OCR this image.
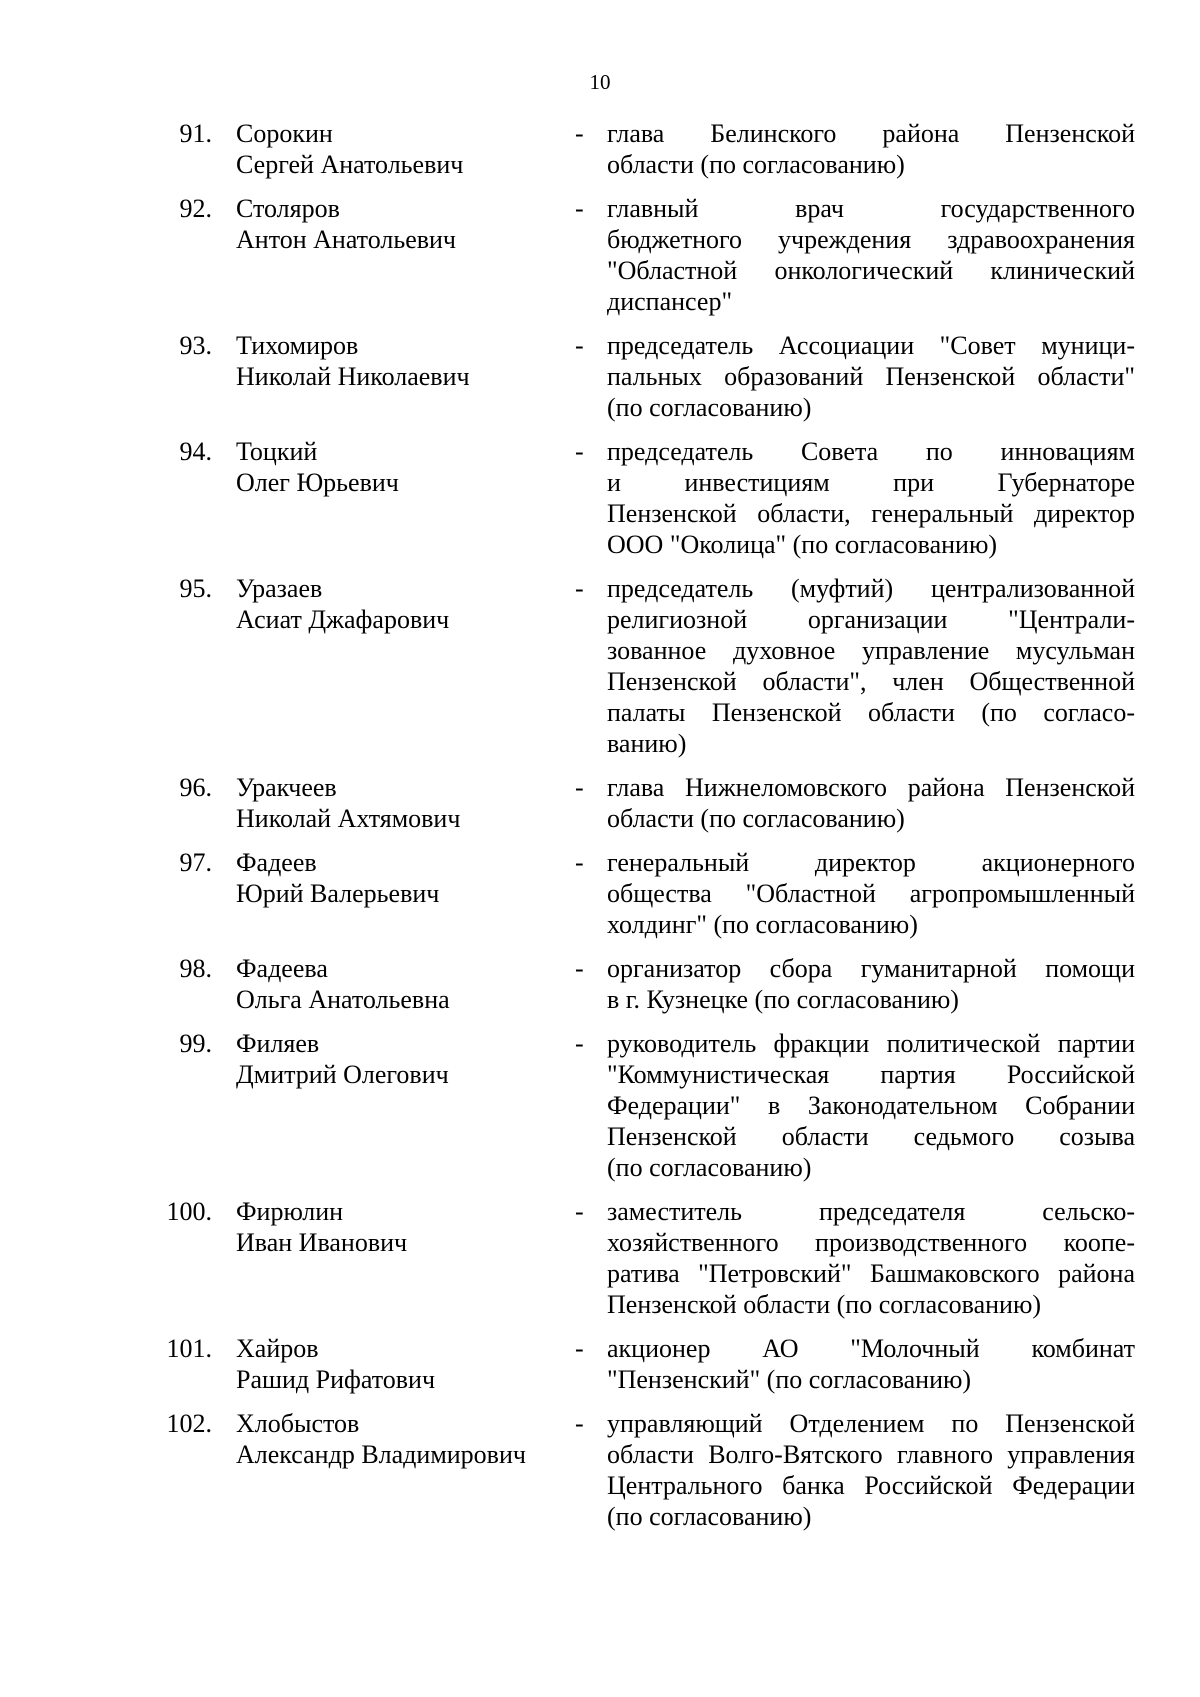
10
91. Сорокин
Сергей Анатольевич
- глава Белинского района Пензенской
области (по согласованию)
92. Столяров
Антон Анатольевич
- главный врач государственного
бюджетного учреждения здравоохранения
"Областной онкологический клинический
диспансер"
93. Тихомиров
Николай Николаевич
- председатель Ассоциации "Совет муници-
пальных образований Пензенской области"
(по согласованию)
94. Тоцкий
Олег Юрьевич
- председатель Совета по инновациям
и инвестициям при Губернаторе
Пензенской области, генеральный директор
ООО "Околица" (по согласованию)
95. Уразаев
Асиат Джафарович
- председатель (муфтий) централизованной
религиозной организации "Централи-
зованное духовное управление мусульман
Пензенской области", член Общественной
палаты Пензенской области (по согласо-
ванию)
96. Уракчеев
Николай Ахтямович
- глава Нижнеломовского района Пензенской
области (по согласованию)
97. Фадеев
Юрий Валерьевич
- генеральный директор акционерного
общества "Областной агропромышленный
холдинг" (по согласованию)
98. Фадеева
Ольга Анатольевна
- организатор сбора гуманитарной помощи
в г. Кузнецке (по согласованию)
99. Филяев
Дмитрий Олегович
- руководитель фракции политической партии
"Коммунистическая партия Российской
Федерации" в Законодательном Собрании
Пензенской области седьмого созыва
(по согласованию)
100. Фирюлин
Иван Иванович
- заместитель председателя сельско-
хозяйственного производственного коопе-
ратива "Петровский" Башмаковского района
Пензенской области (по согласованию)
101. Хайров
Рашид Рифатович
- акционер АО "Молочный комбинат
"Пензенский" (по согласованию)
102. Хлобыстов
Александр Владимирович
- управляющий Отделением по Пензенской
области Волго-Вятского главного управления
Центрального банка Российской Федерации
(по согласованию)
